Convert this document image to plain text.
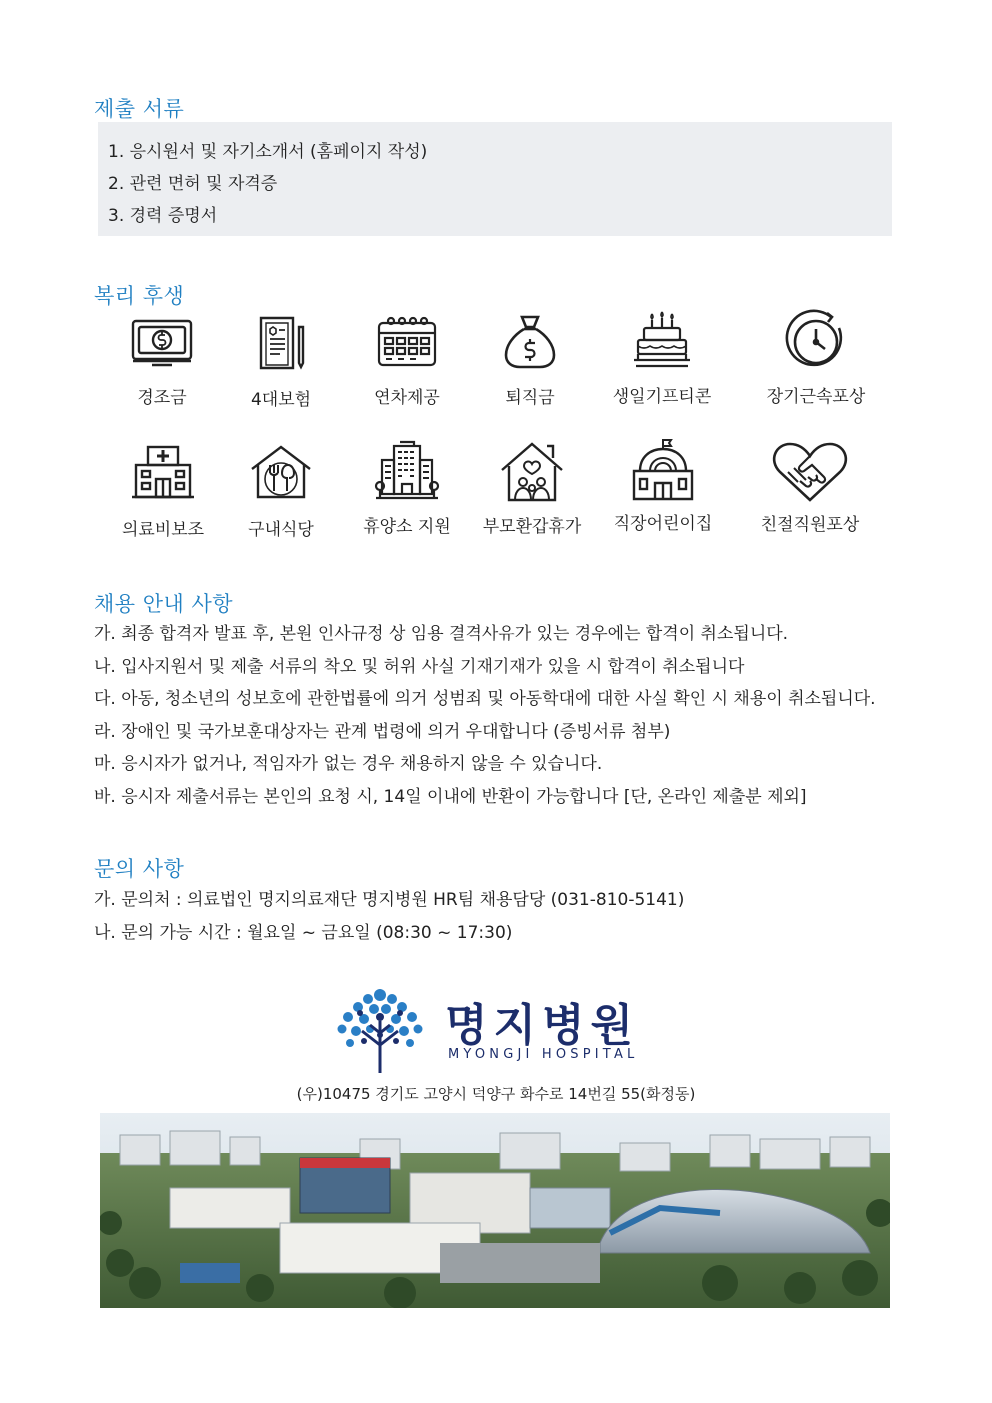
제출 서류
1. 응시원서 및 자기소개서 (홈페이지 작성)
2. 관련 면허 및 자격증
3. 경력 증명서
복리 후생
경조금	4대보험	연차제공	퇴직금	생일기프티콘	장기근속포상
의료비보조	구내식당	휴양소 지원	부모환갑휴가	직장어린이집	친절직원포상
채용 안내 사항
가. 최종 합격자 발표 후, 본원 인사규정 상 임용 결격사유가 있는 경우에는 합격이 취소됩니다.
나. 입사지원서 및 제출 서류의 착오 및 허위 사실 기재기재가 있을 시 합격이 취소됩니다
다. 아동, 청소년의 성보호에 관한법률에 의거 성범죄 및 아동학대에 대한 사실 확인 시 채용이 취소됩니다.
라. 장애인 및 국가보훈대상자는 관계 법령에 의거 우대합니다 (증빙서류 첨부)
마. 응시자가 없거나, 적임자가 없는 경우 채용하지 않을 수 있습니다.
바. 응시자 제출서류는 본인의 요청 시, 14일 이내에 반환이 가능합니다 [단, 온라인 제출분 제외]
문의 사항
가. 문의처 : 의료법인 명지의료재단 명지병원 HR팀 채용담당 (031-810-5141)
나. 문의 가능 시간 : 월요일 ~ 금요일 (08:30 ~ 17:30)
명지병원
MYONGJI HOSPITAL
(우)10475 경기도 고양시 덕양구 화수로 14번길 55(화정동)
